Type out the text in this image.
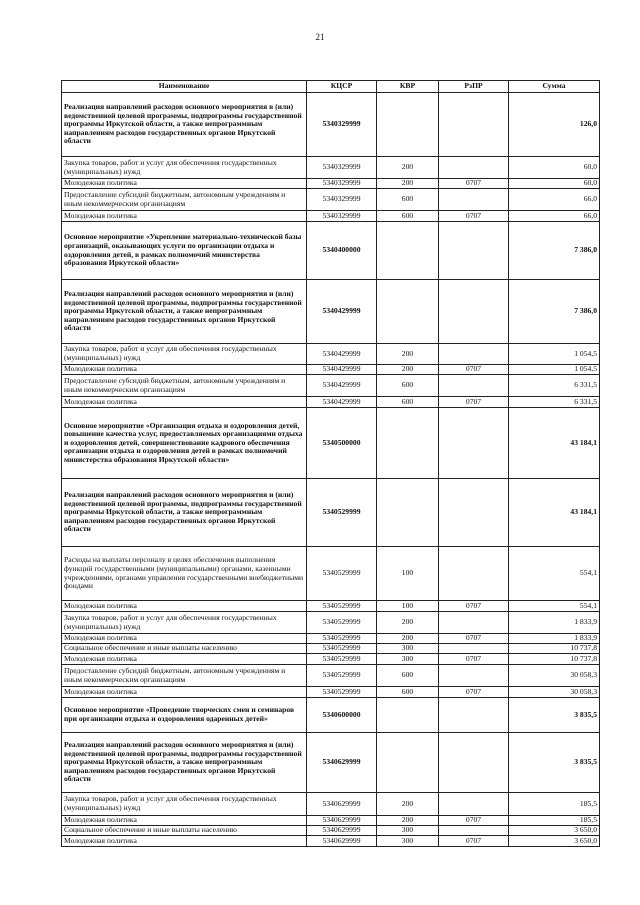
21
Наименование	КЦСР	КВР	РзПР	Сумма
Реализация направлений расходов основного мероприятия в (или) ведомственной целевой программы, подпрограммы государственной программы Иркутской области, а также непрограммным направлениям расходов государственных органов Иркутской области	5340329999			126,0
Закупка товаров, работ и услуг для обеспечения государственных (муниципальных) нужд	5340329999	200		60,0
Молодежная политика	5340329999	200	0707	60,0
Предоставление субсидий бюджетным, автономным учреждениям и иным некоммерческим организациям	5340329999	600		66,0
Молодежная политика	5340329999	600	0707	66,0
Основное мероприятие «Укрепление материально-технической базы организаций, оказывающих услуги по организации отдыха и оздоровления детей, в рамках полномочий министерства образования Иркутской области»	5340400000			7 386,0
Реализация направлений расходов основного мероприятия и (или) ведомственной целевой программы, подпрограммы государственной программы Иркутской области, а также непрограммным направлениям расходов государственных органов Иркутской области	5340429999			7 386,0
Закупка товаров, работ и услуг для обеспечения государственных (муниципальных) нужд	5340429999	200		1 054,5
Молодежная политика	5340429999	200	0707	1 054,5
Предоставление субсидий бюджетным, автономным учреждениям и иным некоммерческим организациям	5340429999	600		6 331,5
Молодежная политика	5340429999	600	0707	6 331,5
Основное мероприятие «Организация отдыха и оздоровления детей, повышение качества услуг, предоставляемых организациями отдыха и оздоровления детей, совершенствование кадрового обеспечения организации отдыха и оздоровления детей в рамках полномочий министерства образования Иркутской области»	5340500000			43 184,1
Реализация направлений расходов основного мероприятия и (или) ведомственной целевой программы, подпрограммы государственной программы Иркутской области, а также непрограммным направлениям расходов государственных органов Иркутской области	5340529999			43 184,1
Расходы на выплаты персоналу в целях обеспечения выполнения функций государственными (муниципальными) органами, казенными учреждениями, органами управления государственными внебюджетными фондами	5340529999	100		554,1
Молодежная политика	5340529999	100	0707	554,1
Закупка товаров, работ и услуг для обеспечения государственных (муниципальных) нужд	5340529999	200		1 833,9
Молодежная политика	5340529999	200	0707	1 833,9
Социальное обеспечение и иные выплаты населению	5340529999	300		10 737,8
Молодежная политика	5340529999	300	0707	10 737,8
Предоставление субсидий бюджетным, автономным учреждениям и иным некоммерческим организациям	5340529999	600		30 058,3
Молодежная политика	5340529999	600	0707	30 058,3
Основное мероприятие «Проведение творческих смен и семинаров при организации отдыха и оздоровления одаренных детей»	5340600000			3 835,5
Реализация направлений расходов основного мероприятия и (или) ведомственной целевой программы, подпрограммы государственной программы Иркутской области, а также непрограммным направлениям расходов государственных органов Иркутской области	5340629999			3 835,5
Закупка товаров, работ и услуг для обеспечения государственных (муниципальных) нужд	5340629999	200		185,5
Молодежная политика	5340629999	200	0707	185,5
Социальное обеспечение и иные выплаты населению	5340629999	300		3 650,0
Молодежная политика	5340629999	300	0707	3 650,0
